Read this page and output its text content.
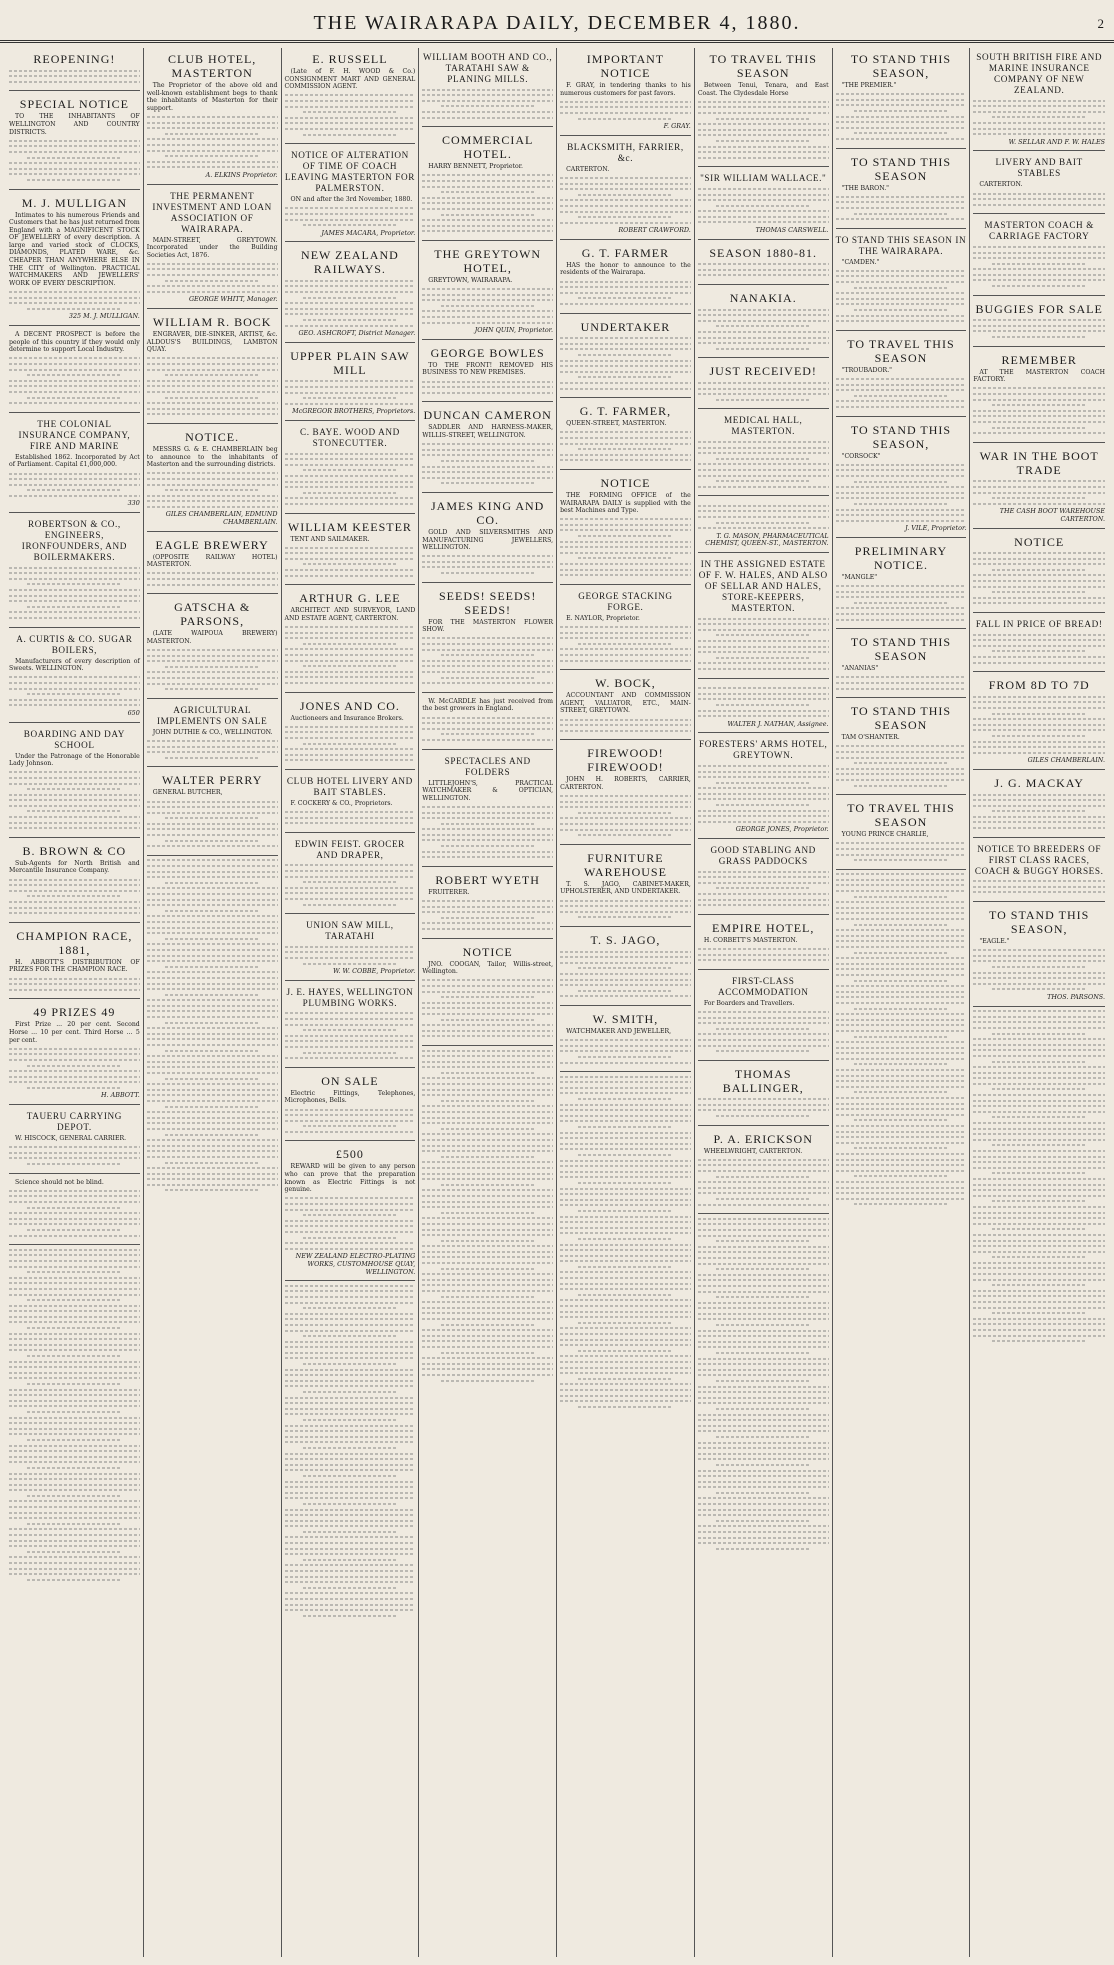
THE WAIRARAPA DAILY, DECEMBER 4, 1880.	2
REOPENING!
SPECIAL NOTICE

TO THE INHABITANTS OF WELLINGTON AND COUNTRY DISTRICTS.

M. J. MULLIGAN

Intimates to his numerous Friends and Customers that he has just returned from England with a MAGNIFICENT STOCK OF JEWELLERY of every description. A large and varied stock of CLOCKS, DIAMONDS, PLATED WARE, &c. CHEAPER THAN ANYWHERE ELSE IN THE CITY of Wellington. PRACTICAL WATCHMAKERS AND JEWELLERS' WORK OF EVERY DESCRIPTION.

325 M. J. MULLIGAN.

A DECENT PROSPECT is before the people of this country if they would only determine to support Local Industry.

THE COLONIAL INSURANCE COMPANY, FIRE AND MARINE

Established 1862. Incorporated by Act of Parliament. Capital £1,000,000.

330
ROBERTSON & CO., ENGINEERS, IRONFOUNDERS, AND BOILERMAKERS.
A. CURTIS & CO. SUGAR BOILERS,

Manufacturers of every description of Sweets. WELLINGTON.

650
BOARDING AND DAY SCHOOL

Under the Patronage of the Honorable Lady Johnson.

B. BROWN & CO

Sub-Agents for North British and Mercantile Insurance Company.

CHAMPION RACE, 1881,

H. ABBOTT'S DISTRIBUTION OF PRIZES FOR THE CHAMPION RACE.

49 PRIZES 49

First Prize ... 20 per cent. Second Horse ... 10 per cent. Third Horse ... 5 per cent.

H. ABBOTT.
TAUERU CARRYING DEPOT.

W. HISCOCK, GENERAL CARRIER.

Science should not be blind.

CLUB HOTEL, MASTERTON

The Proprietor of the above old and well-known establishment begs to thank the inhabitants of Masterton for their support.

A. ELKINS Proprietor.
THE PERMANENT INVESTMENT AND LOAN ASSOCIATION OF WAIRARAPA.

MAIN-STREET, GREYTOWN. Incorporated under the Building Societies Act, 1876.

GEORGE WHITT, Manager.
WILLIAM R. BOCK

ENGRAVER, DIE-SINKER, ARTIST, &c. ALDOUS'S BUILDINGS, LAMBTON QUAY.

NOTICE.

MESSRS G. & E. CHAMBERLAIN beg to announce to the inhabitants of Masterton and the surrounding districts.

GILES CHAMBERLAIN, EDMUND CHAMBERLAIN.
EAGLE BREWERY

(OPPOSITE RAILWAY HOTEL) MASTERTON.

GATSCHA & PARSONS,

(LATE WAIPOUA BREWERY) MASTERTON.

AGRICULTURAL IMPLEMENTS ON SALE

JOHN DUTHIE & CO., WELLINGTON.

WALTER PERRY

GENERAL BUTCHER,

E. RUSSELL

(Late of F. H. WOOD & Co.) CONSIGNMENT MART AND GENERAL COMMISSION AGENT.

NOTICE OF ALTERATION OF TIME OF COACH LEAVING MASTERTON FOR PALMERSTON.

ON and after the 3rd November, 1880.

JAMES MACARA, Proprietor.
NEW ZEALAND RAILWAYS.
GEO. ASHCROFT, District Manager.
UPPER PLAIN SAW MILL
McGREGOR BROTHERS, Proprietors.
C. BAYE. WOOD AND STONECUTTER.
WILLIAM KEESTER

TENT AND SAILMAKER.

ARTHUR G. LEE

ARCHITECT AND SURVEYOR, LAND AND ESTATE AGENT, CARTERTON.

JONES AND CO.

Auctioneers and Insurance Brokers.

CLUB HOTEL LIVERY AND BAIT STABLES.

F. COCKERY & CO., Proprietors.

EDWIN FEIST. GROCER AND DRAPER,
UNION SAW MILL, TARATAHI
W. W. COBBE, Proprietor.
J. E. HAYES, WELLINGTON PLUMBING WORKS.
ON SALE

Electric Fittings, Telephones, Microphones, Bells.

£500

REWARD will be given to any person who can prove that the preparation known as Electric Fittings is not genuine.

NEW ZEALAND ELECTRO-PLATING WORKS, CUSTOMHOUSE QUAY, WELLINGTON.
WILLIAM BOOTH AND CO., TARATAHI SAW & PLANING MILLS.
COMMERCIAL HOTEL.

HARRY BENNETT, Proprietor.

THE GREYTOWN HOTEL,

GREYTOWN, WAIRARAPA.

JOHN QUIN, Proprietor.
GEORGE BOWLES

TO THE FRONT! REMOVED HIS BUSINESS TO NEW PREMISES.

DUNCAN CAMERON

SADDLER AND HARNESS-MAKER, WILLIS-STREET, WELLINGTON.

JAMES KING AND CO.

GOLD AND SILVERSMITHS AND MANUFACTURING JEWELLERS, WELLINGTON.

SEEDS! SEEDS! SEEDS!

FOR THE MASTERTON FLOWER SHOW.

W. McCARDLE has just received from the best growers in England.

SPECTACLES AND FOLDERS

LITTLEJOHN'S, PRACTICAL WATCHMAKER & OPTICIAN, WELLINGTON.

ROBERT WYETH

FRUITERER.

NOTICE

JNO. COOGAN, Tailor, Willis-street, Wellington.

IMPORTANT NOTICE

F. GRAY, in tendering thanks to his numerous customers for past favors.

F. GRAY.
BLACKSMITH, FARRIER, &c.

CARTERTON.

ROBERT CRAWFORD.
G. T. FARMER

HAS the honor to announce to the residents of the Wairarapa.

UNDERTAKER
G. T. FARMER,

QUEEN-STREET, MASTERTON.

NOTICE

THE FORMING OFFICE of the WAIRARAPA DAILY is supplied with the best Machines and Type.

GEORGE STACKING FORGE.

E. NAYLOR, Proprietor.

W. BOCK,

ACCOUNTANT AND COMMISSION AGENT, VALUATOR, ETC., MAIN-STREET, GREYTOWN.

FIREWOOD! FIREWOOD!

JOHN H. ROBERTS, CARRIER, CARTERTON.

FURNITURE WAREHOUSE

T. S. JAGO, CABINET-MAKER, UPHOLSTERER, AND UNDERTAKER.

T. S. JAGO,
W. SMITH,

WATCHMAKER AND JEWELLER,

TO TRAVEL THIS SEASON

Between Tenui, Tenara, and East Coast. The Clydesdale Horse

"SIR WILLIAM WALLACE."
THOMAS CARSWELL.
SEASON 1880-81.
NANAKIA.
JUST RECEIVED!
MEDICAL HALL, MASTERTON.
T. G. MASON, PHARMACEUTICAL CHEMIST, QUEEN-ST., MASTERTON.
IN THE ASSIGNED ESTATE OF F. W. HALES, AND ALSO OF SELLAR AND HALES, STORE-KEEPERS, MASTERTON.
WALTER J. NATHAN, Assignee.
FORESTERS' ARMS HOTEL, GREYTOWN.
GEORGE JONES, Proprietor.
GOOD STABLING AND GRASS PADDOCKS
EMPIRE HOTEL,

H. CORBETT'S MASTERTON.

FIRST-CLASS ACCOMMODATION

For Boarders and Travellers.

THOMAS BALLINGER,
P. A. ERICKSON

WHEELWRIGHT, CARTERTON.

TO STAND THIS SEASON,

"THE PREMIER."

TO STAND THIS SEASON

"THE BARON."

TO STAND THIS SEASON IN THE WAIRARAPA.

"CAMDEN."

TO TRAVEL THIS SEASON

"TROUBADOR."

TO STAND THIS SEASON,

"CORSOCK"

J. VILE, Proprietor.
PRELIMINARY NOTICE.

"MANGLE"

TO STAND THIS SEASON

"ANANIAS"

TO STAND THIS SEASON

TAM O'SHANTER.

TO TRAVEL THIS SEASON

YOUNG PRINCE CHARLIE,

SOUTH BRITISH FIRE AND MARINE INSURANCE COMPANY OF NEW ZEALAND.
W. SELLAR AND F. W. HALES
LIVERY AND BAIT STABLES

CARTERTON.

MASTERTON COACH & CARRIAGE FACTORY
BUGGIES FOR SALE
REMEMBER

AT THE MASTERTON COACH FACTORY.

WAR IN THE BOOT TRADE
THE CASH BOOT WAREHOUSE CARTERTON.
NOTICE
FALL IN PRICE OF BREAD!
FROM 8D TO 7D
GILES CHAMBERLAIN.
J. G. MACKAY
NOTICE TO BREEDERS OF FIRST CLASS RACES, COACH & BUGGY HORSES.
TO STAND THIS SEASON,

"EAGLE."

THOS. PARSONS.
